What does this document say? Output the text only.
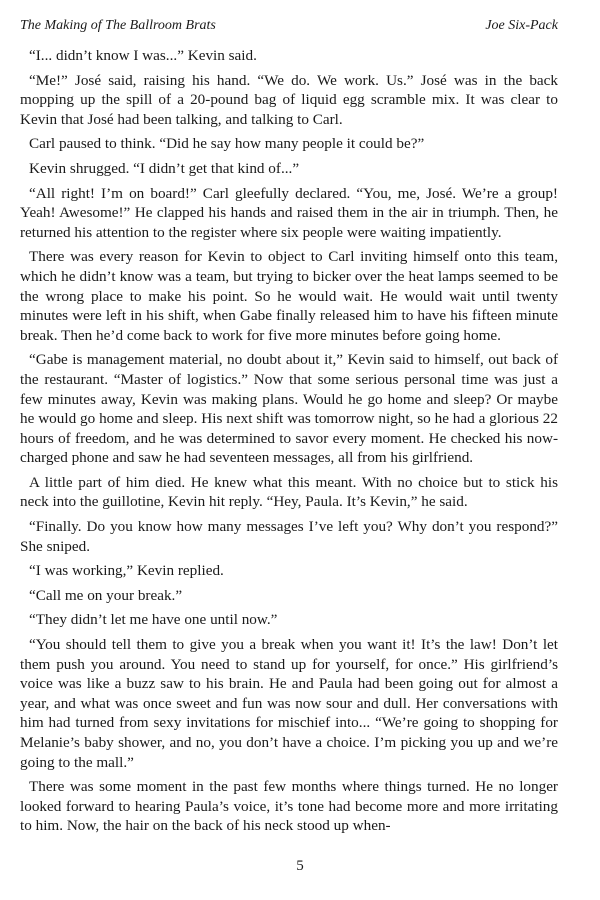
The Making of The Ballroom Brats	Joe Six-Pack

“I... didn’t know I was...” Kevin said.

“Me!” José said, raising his hand. “We do. We work. Us.” José was in the back mopping up the spill of a 20-pound bag of liquid egg scramble mix. It was clear to Kevin that José had been talking, and talking to Carl.

Carl paused to think. “Did he say how many people it could be?”

Kevin shrugged. “I didn’t get that kind of...”

“All right! I’m on board!” Carl gleefully declared. “You, me, José. We’re a group! Yeah! Awesome!” He clapped his hands and raised them in the air in triumph. Then, he returned his attention to the register where six people were waiting impatiently.

There was every reason for Kevin to object to Carl inviting himself onto this team, which he didn’t know was a team, but trying to bicker over the heat lamps seemed to be the wrong place to make his point. So he would wait. He would wait until twenty minutes were left in his shift, when Gabe finally released him to have his fifteen minute break. Then he’d come back to work for five more minutes before going home.

“Gabe is management material, no doubt about it,” Kevin said to himself, out back of the restaurant. “Master of logistics.” Now that some serious personal time was just a few minutes away, Kevin was making plans. Would he go home and sleep? Or maybe he would go home and sleep. His next shift was tomorrow night, so he had a glorious 22 hours of freedom, and he was determined to savor every moment. He checked his now-charged phone and saw he had seventeen messages, all from his girlfriend.

A little part of him died. He knew what this meant. With no choice but to stick his neck into the guillotine, Kevin hit reply. “Hey, Paula. It’s Kevin,” he said.

“Finally. Do you know how many messages I’ve left you? Why don’t you respond?” She sniped.

“I was working,” Kevin replied.

“Call me on your break.”

“They didn’t let me have one until now.”

“You should tell them to give you a break when you want it! It’s the law! Don’t let them push you around. You need to stand up for yourself, for once.” His girlfriend’s voice was like a buzz saw to his brain. He and Paula had been going out for almost a year, and what was once sweet and fun was now sour and dull. Her conversations with him had turned from sexy invitations for mischief into... “We’re going to shopping for Melanie’s baby shower, and no, you don’t have a choice. I’m picking you up and we’re going to the mall.”

There was some moment in the past few months where things turned. He no longer looked forward to hearing Paula’s voice, it’s tone had become more and more irritating to him. Now, the hair on the back of his neck stood up when-

5
